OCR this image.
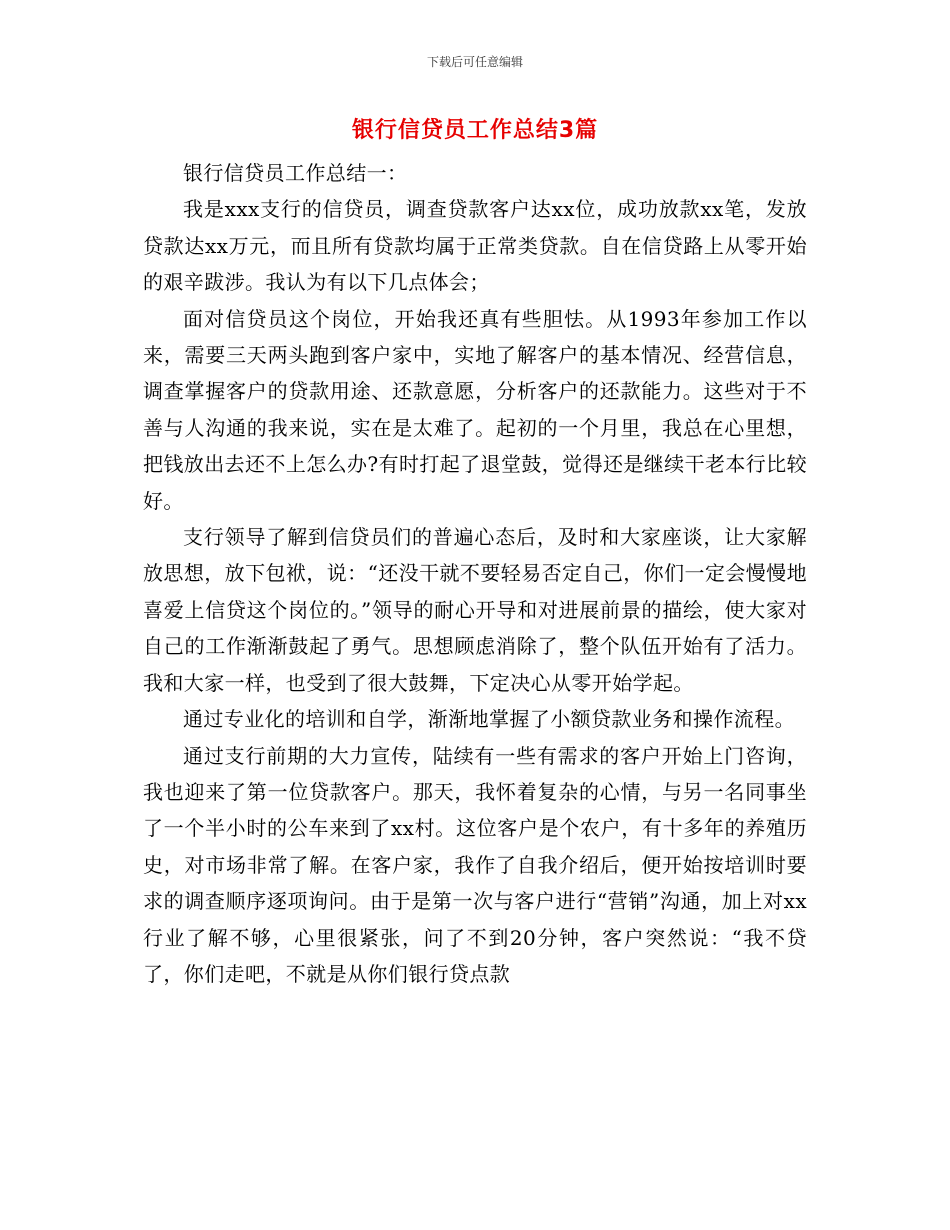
下载后可任意编辑
银行信贷员工作总结3篇

银行信贷员工作总结一：

我是xxx支行的信贷员，调查贷款客户达xx位，成功放款xx笔，发放贷款达xx万元，而且所有贷款均属于正常类贷款。自在信贷路上从零开始的艰辛跋涉。我认为有以下几点体会；

面对信贷员这个岗位，开始我还真有些胆怯。从1993年参加工作以来，需要三天两头跑到客户家中，实地了解客户的基本情况、经营信息，调查掌握客户的贷款用途、还款意愿，分析客户的还款能力。这些对于不善与人沟通的我来说，实在是太难了。起初的一个月里，我总在心里想，把钱放出去还不上怎么办?有时打起了退堂鼓，觉得还是继续干老本行比较好。

支行领导了解到信贷员们的普遍心态后，及时和大家座谈，让大家解放思想，放下包袱，说：“还没干就不要轻易否定自己，你们一定会慢慢地喜爱上信贷这个岗位的。”领导的耐心开导和对进展前景的描绘，使大家对自己的工作渐渐鼓起了勇气。思想顾虑消除了，整个队伍开始有了活力。我和大家一样，也受到了很大鼓舞，下定决心从零开始学起。

通过专业化的培训和自学，渐渐地掌握了小额贷款业务和操作流程。

通过支行前期的大力宣传，陆续有一些有需求的客户开始上门咨询，我也迎来了第一位贷款客户。那天，我怀着复杂的心情，与另一名同事坐了一个半小时的公车来到了xx村。这位客户是个农户，有十多年的养殖历史，对市场非常了解。在客户家，我作了自我介绍后，便开始按培训时要求的调查顺序逐项询问。由于是第一次与客户进行“营销”沟通，加上对xx行业了解不够，心里很紧张，问了不到20分钟，客户突然说：“我不贷了，你们走吧，不就是从你们银行贷点款
